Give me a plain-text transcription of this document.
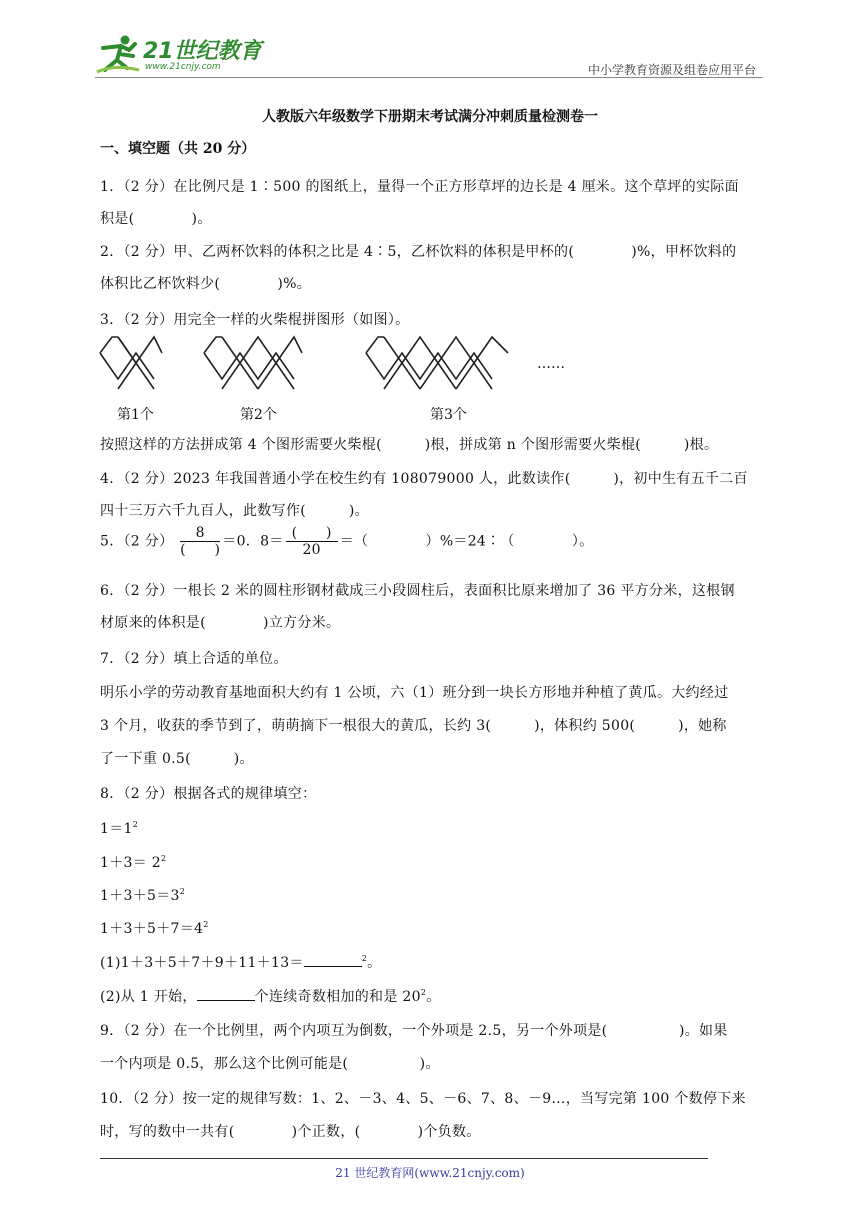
21世纪教育
www.21cnjy.com	中小学教育资源及组卷应用平台
人教版六年级数学下册期末考试满分冲刺质量检测卷一
一、填空题（共 20 分）
1．（2 分）在比例尺是 1∶500 的图纸上，量得一个正方形草坪的边长是 4 厘米。这个草坪的实际面
积是(　　　　)。
2．（2 分）甲、乙两杯饮料的体积之比是 4∶5，乙杯饮料的体积是甲杯的(　　　　)%，甲杯饮料的
体积比乙杯饮料少(　　　　)%。
3．（2 分）用完全一样的火柴棍拼图形（如图）。
……
第1个	第2个	第3个
按照这样的方法拼成第 4 个图形需要火柴棍(　　　)根，拼成第 n 个图形需要火柴棍(　　　)根。
4．（2 分）2023 年我国普通小学在校生约有 108079000 人，此数读作(　　　)，初中生有五千二百
四十三万六千九百人，此数写作(　　　)。
5．（2 分） $\frac{8}{( )} =0$．$8= \frac{( )}{20}$ ＝（　　　　）%＝24∶（　　　　）。
6．（2 分）一根长 2 米的圆柱形钢材截成三小段圆柱后，表面积比原来增加了 36 平方分米，这根钢
材原来的体积是(　　　　)立方分米。
7．（2 分）填上合适的单位。
明乐小学的劳动教育基地面积大约有 1 公顷，六（1）班分到一块长方形地并种植了黄瓜。大约经过
3 个月，收获的季节到了，萌萌摘下一根很大的黄瓜，长约 3(　　　)，体积约 500(　　　)，她称
了一下重 0.5(　　　)。
8．（2 分）根据各式的规律填空：
$1=1^2$
$1+3= 2^2$
$1+3+5=3^2$
$1+3+5+7=4^2$
(1)1＋3＋5＋7＋9＋11＋13＝	$^2$。
(2)从 1 开始，	个连续奇数相加的和是 $20^2$。
9．（2 分）在一个比例里，两个内项互为倒数，一个外项是 2.5，另一个外项是(　　　　　)。如果
一个内项是 0.5，那么这个比例可能是(　　　　　)。
10．（2 分）按一定的规律写数：1、2、－3、4、5、－6、7、8、－9…，当写完第 100 个数停下来
时，写的数中一共有(　　　　)个正数，(　　　　)个负数。
21 世纪教育网(www.21cnjy.com)
